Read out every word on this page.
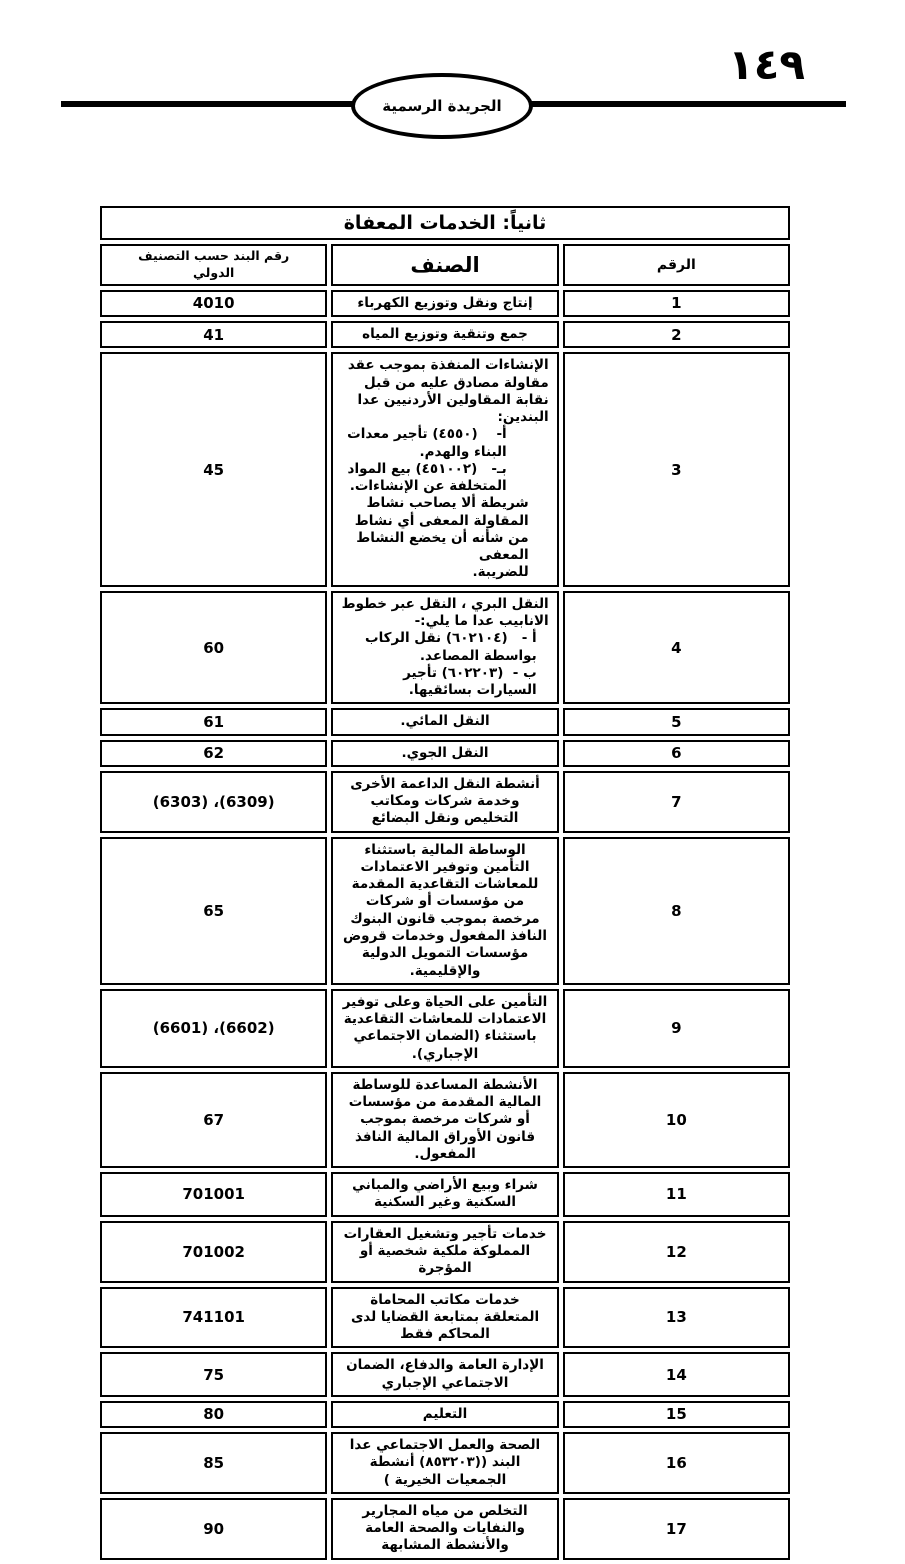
١٤٩
الجريدة الرسمية
ثانياً: الخدمات المعفاة		
الرقم	الصنف	رقم البند حسب التصنيف الدولي
1	إنتاج ونقل وتوزيع الكهرباء	4010
2	جمع وتنقية وتوزيع المياه	41
3	الإنشاءات المنفذة بموجب عقد مقاولة مصادق عليه من قبل نقابة المقاولين الأردنيين عدا البندين:
أ-    (٤٥٥٠) تأجير معدات البناء والهدم.
بـ-   (٤٥١٠٠٢) بيع المواد المتخلفة عن الإنشاءات.
شريطة ألا يصاحب نشاط المقاولة المعفى أي نشاط من شأنه أن يخضع النشاط المعفى
للضريبة.	45
4	النقل البري ، النقل عبر خطوط الانابيب عدا ما يلي:-
أ -   (٦٠٢١٠٤) نقل الركاب بواسطة المصاعد.
ب -  (٦٠٢٢٠٣) تأجير السيارات بسائقيها.	60
5	النقل المائي.	61
6	النقل الجوي.	62
7	أنشطة النقل الداعمة الأخرى وخدمة شركات ومكاتب التخليص ونقل البضائع	(6309)، (6303)
8	الوساطة المالية باستثناء التأمين وتوفير الاعتمادات للمعاشات التقاعدية المقدمة من مؤسسات أو شركات مرخصة بموجب قانون البنوك النافذ المفعول وخدمات قروض مؤسسات التمويل الدولية والإقليمية.	65
9	التأمين على الحياة وعلى توفير الاعتمادات للمعاشات التقاعدية باستثناء (الضمان الاجتماعي الإجباري).	(6602)، (6601)
10	الأنشطة المساعدة للوساطة المالية المقدمة من مؤسسات أو شركات مرخصة بموجب قانون الأوراق المالية النافذ المفعول.	67
11	شراء وبيع الأراضي والمباني السكنية وغير السكنية	701001
12	خدمات تأجير وتشغيل العقارات المملوكة ملكية شخصية أو المؤجرة	701002
13	خدمات مكاتب المحاماة المتعلقة بمتابعة القضايا لدى المحاكم فقط	741101
14	الإدارة العامة والدفاع، الضمان الاجتماعي الإجباري	75
15	التعليم	80
16	الصحة والعمل الاجتماعي عدا البند ((٨٥٣٢٠٣) أنشطة الجمعيات الخيرية )	85
17	التخلص من مياه المجارير والنفايات والصحة العامة والأنشطة المشابهة	90
